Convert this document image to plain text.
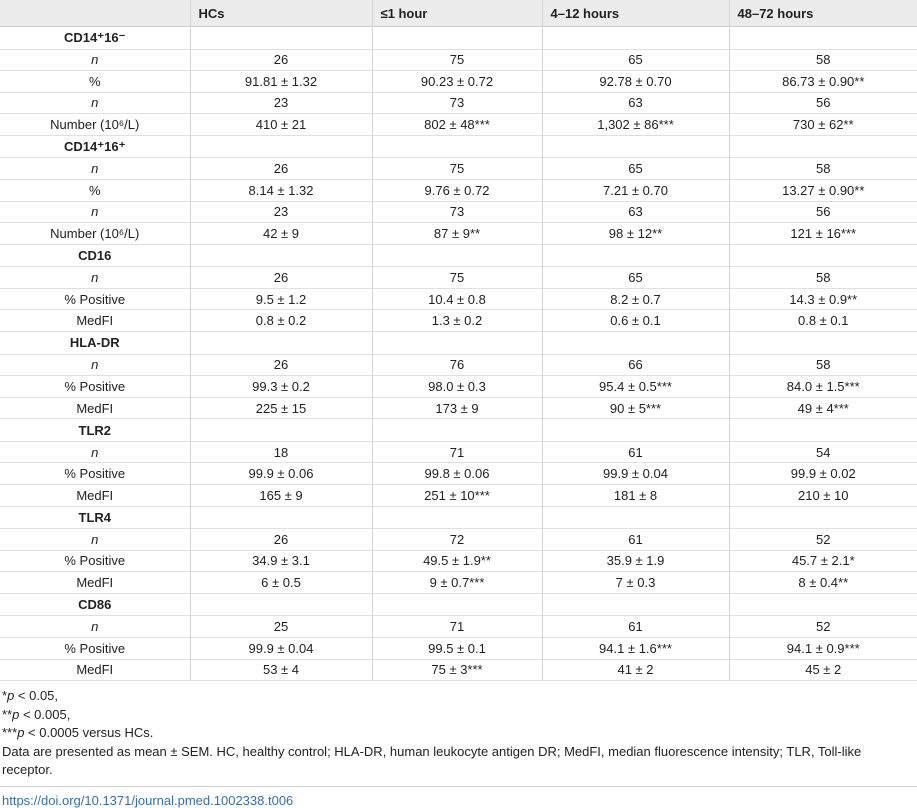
	HCs	≤1 hour	4–12 hours	48–72 hours
CD14⁺16⁻				
n	26	75	65	58
%	91.81 ± 1.32	90.23 ± 0.72	92.78 ± 0.70	86.73 ± 0.90**
n	23	73	63	56
Number (10⁶/L)	410 ± 21	802 ± 48***	1,302 ± 86***	730 ± 62**
CD14⁺16⁺				
n	26	75	65	58
%	8.14 ± 1.32	9.76 ± 0.72	7.21 ± 0.70	13.27 ± 0.90**
n	23	73	63	56
Number (10⁶/L)	42 ± 9	87 ± 9**	98 ± 12**	121 ± 16***
CD16				
n	26	75	65	58
% Positive	9.5 ± 1.2	10.4 ± 0.8	8.2 ± 0.7	14.3 ± 0.9**
MedFI	0.8 ± 0.2	1.3 ± 0.2	0.6 ± 0.1	0.8 ± 0.1
HLA-DR				
n	26	76	66	58
% Positive	99.3 ± 0.2	98.0 ± 0.3	95.4 ± 0.5***	84.0 ± 1.5***
MedFI	225 ± 15	173 ± 9	90 ± 5***	49 ± 4***
TLR2				
n	18	71	61	54
% Positive	99.9 ± 0.06	99.8 ± 0.06	99.9 ± 0.04	99.9 ± 0.02
MedFI	165 ± 9	251 ± 10***	181 ± 8	210 ± 10
TLR4				
n	26	72	61	52
% Positive	34.9 ± 3.1	49.5 ± 1.9**	35.9 ± 1.9	45.7 ± 2.1*
MedFI	6 ± 0.5	9 ± 0.7***	7 ± 0.3	8 ± 0.4**
CD86				
n	25	71	61	52
% Positive	99.9 ± 0.04	99.5 ± 0.1	94.1 ± 1.6***	94.1 ± 0.9***
MedFI	53 ± 4	75 ± 3***	41 ± 2	45 ± 2
*p < 0.05,
**p < 0.005,
***p < 0.0005 versus HCs.
Data are presented as mean ± SEM. HC, healthy control; HLA-DR, human leukocyte antigen DR; MedFI, median fluorescence intensity; TLR, Toll-like receptor.
https://doi.org/10.1371/journal.pmed.1002338.t006
